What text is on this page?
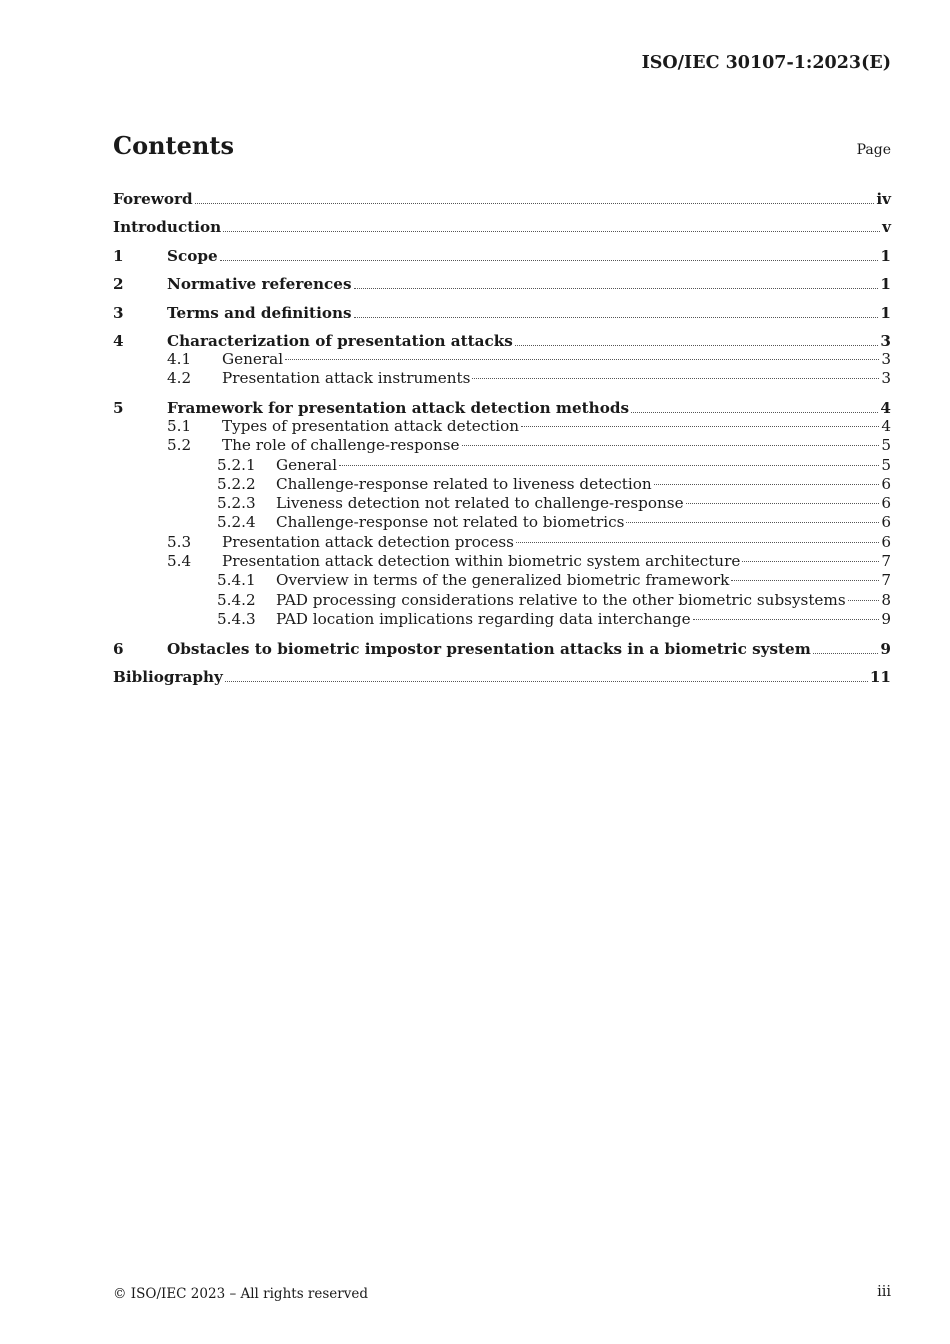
ISO/IEC 30107-1:2023(E)
Contents	Page
Foreword	iv
Introduction	v
1	Scope	1
2	Normative references	1
3	Terms and definitions	1
4	Characterization of presentation attacks	3
4.1	General	3
4.2	Presentation attack instruments	3
5	Framework for presentation attack detection methods	4
5.1	Types of presentation attack detection	4
5.2	The role of challenge-response	5
5.2.1	General	5
5.2.2	Challenge-response related to liveness detection	6
5.2.3	Liveness detection not related to challenge-response	6
5.2.4	Challenge-response not related to biometrics	6
5.3	Presentation attack detection process	6
5.4	Presentation attack detection within biometric system architecture	7
5.4.1	Overview in terms of the generalized biometric framework	7
5.4.2	PAD processing considerations relative to the other biometric subsystems 8
5.4.3	PAD location implications regarding data interchange	9
6	Obstacles to biometric impostor presentation attacks in a biometric system	9
Bibliography	11
© ISO/IEC 2023 – All rights reserved	iii
